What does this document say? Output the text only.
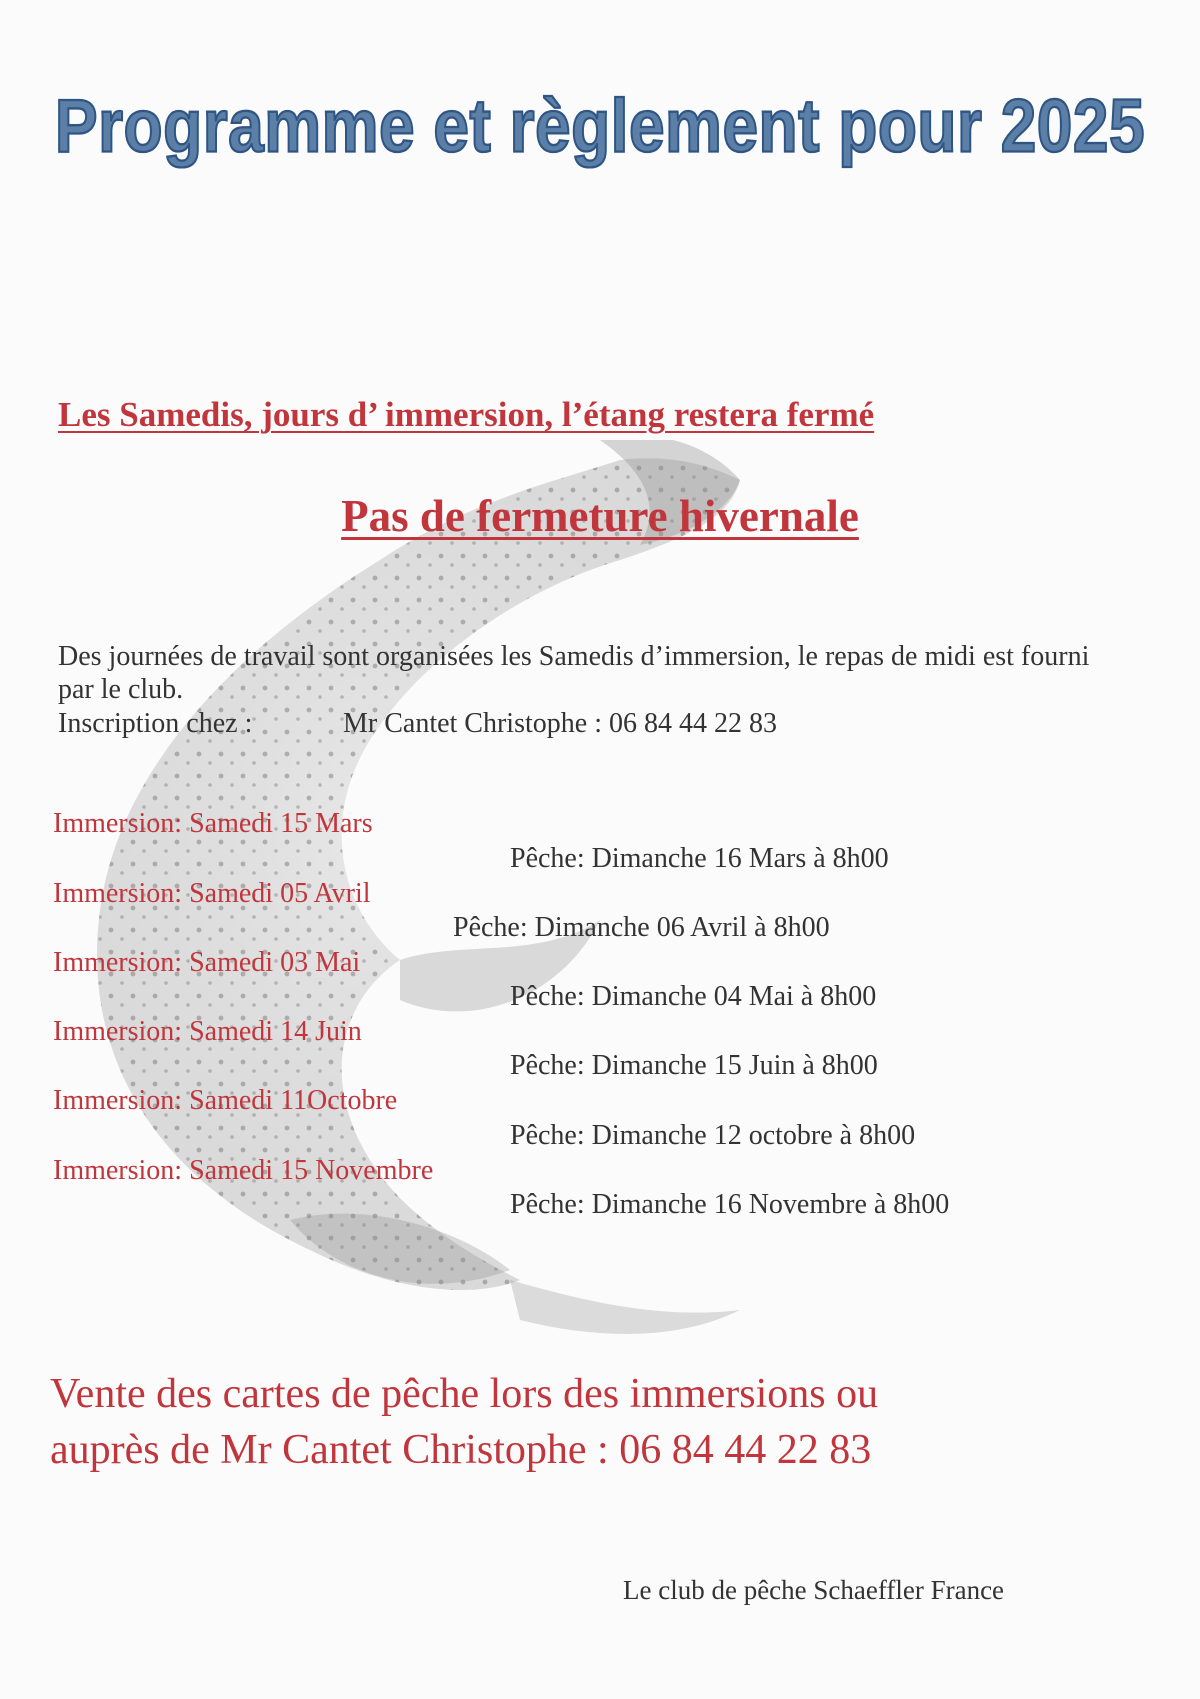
Programme et règlement pour 2025
Les Samedis, jours d’ immersion, l’étang restera fermé
Pas de fermeture hivernale
Des journées de travail sont organisées les Samedis d’immersion, le repas de midi est fourni par le club.
Inscription chez :	Mr Cantet Christophe : 06 84 44 22 83
Immersion: Samedi 15 Mars
Pêche: Dimanche 16 Mars à 8h00
Immersion: Samedi 05 Avril
Pêche: Dimanche 06 Avril à 8h00
Immersion: Samedi 03 Mai
Pêche: Dimanche 04 Mai à 8h00
Immersion: Samedi 14 Juin
Pêche: Dimanche 15 Juin à 8h00
Immersion: Samedi 11Octobre
Pêche: Dimanche 12 octobre à 8h00
Immersion: Samedi 15 Novembre
Pêche: Dimanche 16 Novembre à 8h00
Vente des cartes de pêche lors des immersions ou
auprès de Mr Cantet Christophe : 06 84 44 22 83
Le club de pêche Schaeffler France
